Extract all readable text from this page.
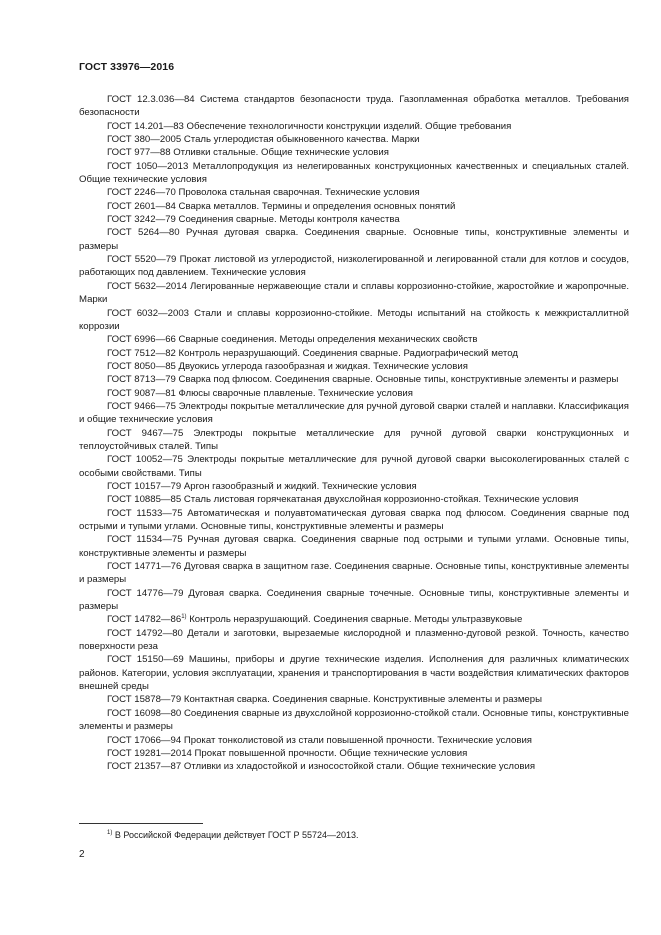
ГОСТ 33976—2016

ГОСТ 12.3.036—84 Система стандартов безопасности труда. Газопламенная обработка металлов. Требования безопасности

ГОСТ 14.201—83 Обеспечение технологичности конструкции изделий. Общие требования

ГОСТ 380—2005 Сталь углеродистая обыкновенного качества. Марки

ГОСТ 977—88 Отливки стальные. Общие технические условия

ГОСТ 1050—2013 Металлопродукция из нелегированных конструкционных качественных и специальных сталей. Общие технические условия

ГОСТ 2246—70 Проволока стальная сварочная. Технические условия

ГОСТ 2601—84 Сварка металлов. Термины и определения основных понятий

ГОСТ 3242—79 Соединения сварные. Методы контроля качества

ГОСТ 5264—80 Ручная дуговая сварка. Соединения сварные. Основные типы, конструктивные элементы и размеры

ГОСТ 5520—79 Прокат листовой из углеродистой, низколегированной и легированной стали для котлов и сосудов, работающих под давлением. Технические условия

ГОСТ 5632—2014 Легированные нержавеющие стали и сплавы коррозионно-стойкие, жаростойкие и жаропрочные. Марки

ГОСТ 6032—2003 Стали и сплавы коррозионно-стойкие. Методы испытаний на стойкость к межкристаллитной коррозии

ГОСТ 6996—66 Сварные соединения. Методы определения механических свойств

ГОСТ 7512—82 Контроль неразрушающий. Соединения сварные. Радиографический метод

ГОСТ 8050—85 Двуокись углерода газообразная и жидкая. Технические условия

ГОСТ 8713—79 Сварка под флюсом. Соединения сварные. Основные типы, конструктивные элементы и размеры

ГОСТ 9087—81 Флюсы сварочные плавленые. Технические условия

ГОСТ 9466—75 Электроды покрытые металлические для ручной дуговой сварки сталей и наплавки. Классификация и общие технические условия

ГОСТ 9467—75 Электроды покрытые металлические для ручной дуговой сварки конструкционных и теплоустойчивых сталей. Типы

ГОСТ 10052—75 Электроды покрытые металлические для ручной дуговой сварки высоколегированных сталей с особыми свойствами. Типы

ГОСТ 10157—79 Аргон газообразный и жидкий. Технические условия

ГОСТ 10885—85 Сталь листовая горячекатаная двухслойная коррозионно-стойкая. Технические условия

ГОСТ 11533—75 Автоматическая и полуавтоматическая дуговая сварка под флюсом. Соединения сварные под острыми и тупыми углами. Основные типы, конструктивные элементы и размеры

ГОСТ 11534—75 Ручная дуговая сварка. Соединения сварные под острыми и тупыми углами. Основные типы, конструктивные элементы и размеры

ГОСТ 14771—76 Дуговая сварка в защитном газе. Соединения сварные. Основные типы, конструктивные элементы и размеры

ГОСТ 14776—79 Дуговая сварка. Соединения сварные точечные. Основные типы, конструктивные элементы и размеры

ГОСТ 14782—86$^{1)}$ Контроль неразрушающий. Соединения сварные. Методы ультразвуковые

ГОСТ 14792—80 Детали и заготовки, вырезаемые кислородной и плазменно-дуговой резкой. Точность, качество поверхности реза

ГОСТ 15150—69 Машины, приборы и другие технические изделия. Исполнения для различных климатических районов. Категории, условия эксплуатации, хранения и транспортирования в части воздействия климатических факторов внешней среды

ГОСТ 15878—79 Контактная сварка. Соединения сварные. Конструктивные элементы и размеры

ГОСТ 16098—80 Соединения сварные из двухслойной коррозионно-стойкой стали. Основные типы, конструктивные элементы и размеры

ГОСТ 17066—94 Прокат тонколистовой из стали повышенной прочности. Технические условия

ГОСТ 19281—2014 Прокат повышенной прочности. Общие технические условия

ГОСТ 21357—87 Отливки из хладостойкой и износостойкой стали. Общие технические условия

$^{1)}$ В Российской Федерации действует ГОСТ Р 55724—2013.
2
